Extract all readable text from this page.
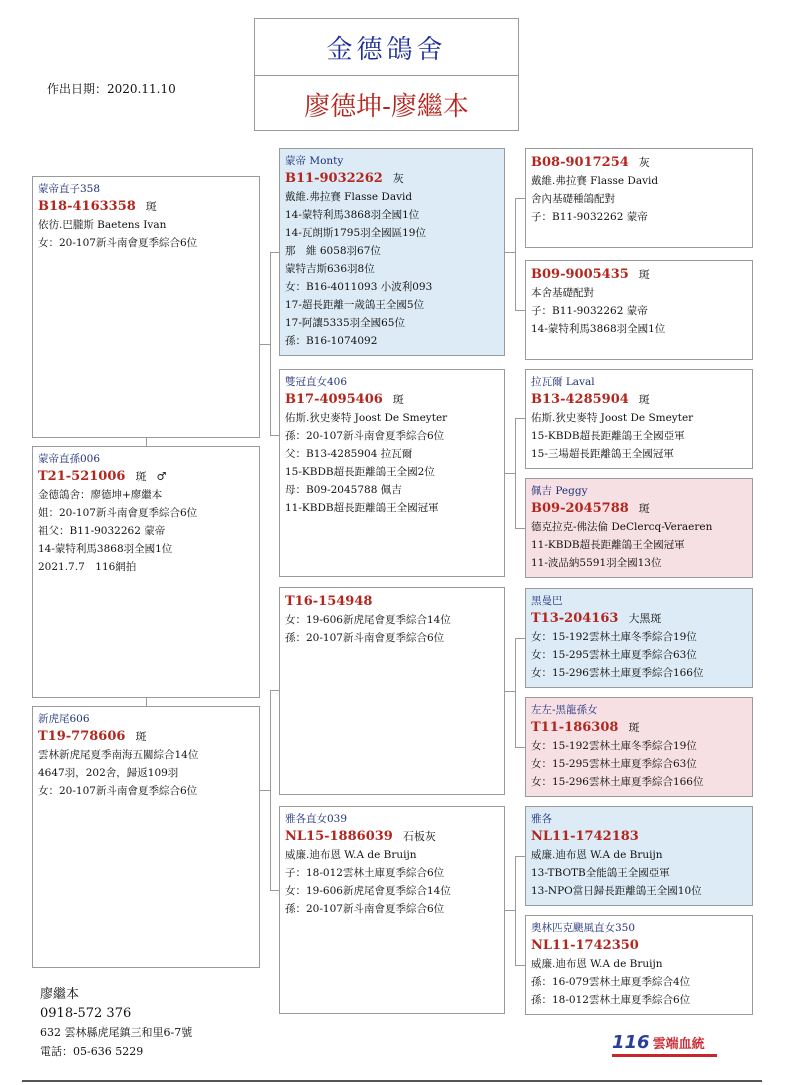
金德鴿舍
廖德坤-廖繼本
作出日期：2020.11.10
蒙帝直子358
B18-4163358 斑
依彷.巴朧斯 Baetens Ivan
女：20-107新斗南會夏季綜合6位
蒙帝直孫006
T21-521006 斑 ♂
金德鴿舍：廖德坤+廖繼本
姐：20-107新斗南會夏季綜合6位
祖父：B11-9032262 蒙帝
14-蒙特利馬3868羽全國1位
2021.7.7　116網拍
新虎尾606
T19-778606 斑
雲林新虎尾夏季南海五關綜合14位
4647羽，202舍，歸返109羽
女：20-107新斗南會夏季綜合6位
蒙帝 Monty
B11-9032262 灰
戴維.弗拉賽 Flasse David
14-蒙特利馬3868羽全國1位
14-瓦朗斯1795羽全國區19位
那　維 6058羽67位
蒙特吉斯636羽8位
女：B16-4011093 小波利093
17-超長距離一歲鴿王全國5位
17-阿讓5335羽全國65位
孫：B16-1074092
雙冠直女406
B17-4095406 斑
佑斯.狄史麥特 Joost De Smeyter
孫：20-107新斗南會夏季綜合6位
父：B13-4285904 拉瓦爾
15-KBDB超長距離鴿王全國2位
母：B09-2045788 佩吉
11-KBDB超長距離鴿王全國冠軍
T16-154948
女：19-606新虎尾會夏季綜合14位
孫：20-107新斗南會夏季綜合6位
雅各直女039
NL15-1886039 石板灰
威廉.迪布恩 W.A de Bruijn
子：18-012雲林土庫夏季綜合6位
女：19-606新虎尾會夏季綜合14位
孫：20-107新斗南會夏季綜合6位
B08-9017254 灰
戴維.弗拉賽 Flasse David
舍內基礎種鴿配對
子：B11-9032262 蒙帝
B09-9005435 斑
本舍基礎配對
子：B11-9032262 蒙帝
14-蒙特利馬3868羽全國1位
拉瓦爾 Laval
B13-4285904 斑
佑斯.狄史麥特 Joost De Smeyter
15-KBDB超長距離鴿王全國亞軍
15-三場超長距離鴿王全國冠軍
佩吉 Peggy
B09-2045788 斑
德克拉克-佛法倫 DeClercq-Veraeren
11-KBDB超長距離鴿王全國冠軍
11-波品納5591羽全國13位
黑曼巴
T13-204163 大黑斑
女：15-192雲林土庫冬季綜合19位
女：15-295雲林土庫夏季綜合63位
女：15-296雲林土庫夏季綜合166位
左左-黑龍孫女
T11-186308 斑
女：15-192雲林土庫冬季綜合19位
女：15-295雲林土庫夏季綜合63位
女：15-296雲林土庫夏季綜合166位
雅各
NL11-1742183
威廉.迪布恩 W.A de Bruijn
13-TBOTB全能鴿王全國亞軍
13-NPO當日歸長距離鴿王全國10位
奧林匹克颶風直女350
NL11-1742350
威廉.迪布恩 W.A de Bruijn
孫：16-079雲林土庫夏季綜合4位
孫：18-012雲林土庫夏季綜合6位
廖繼本
0918-572 376
632 雲林縣虎尾鎮三和里6-7號
電話：05-636 5229	116 雲端血統
